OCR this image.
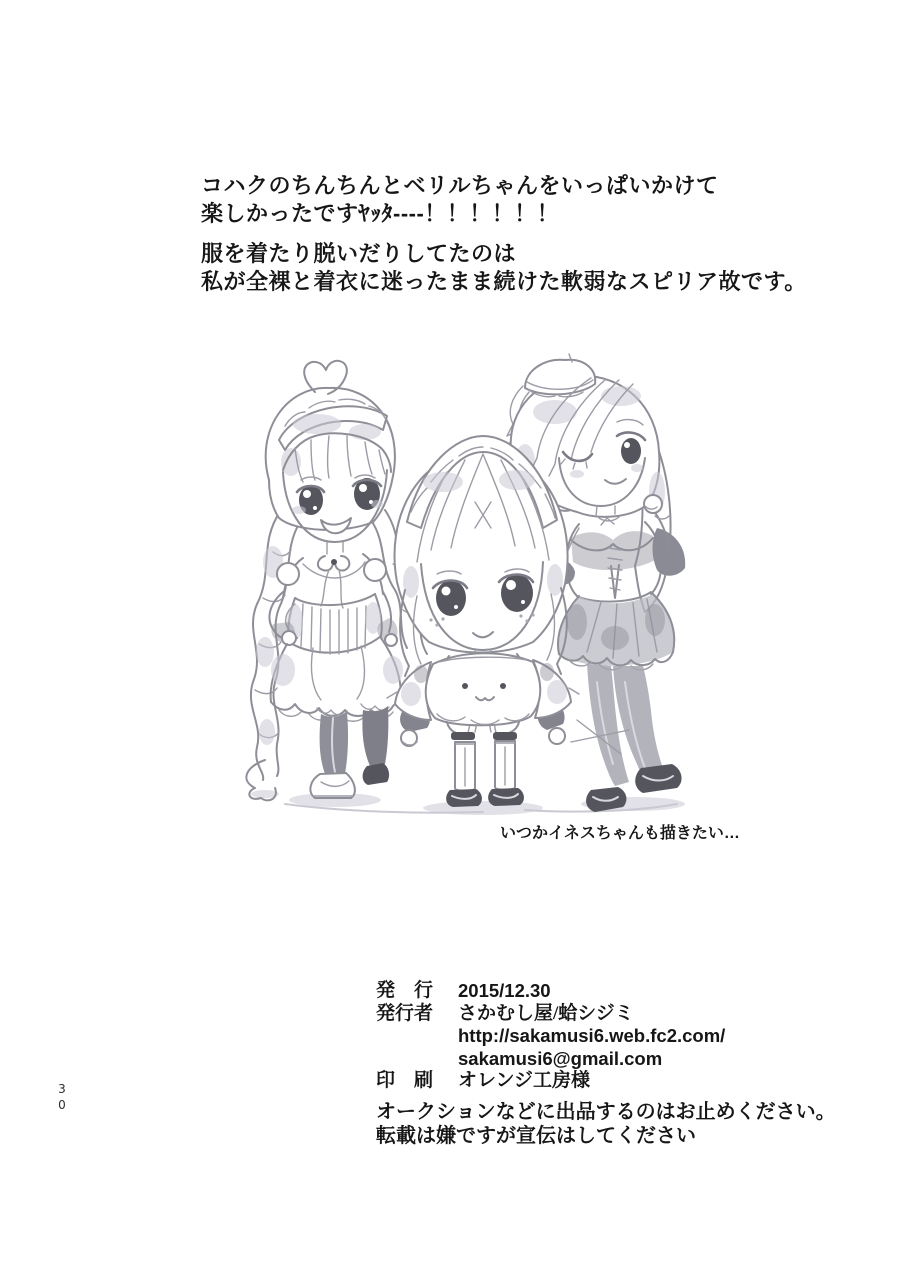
コハクのちんちんとベリルちゃんをいっぱいかけて
楽しかったですﾔｯﾀ----！！！！！！
服を着たり脱いだりしてたのは
私が全裸と着衣に迷ったまま続けた軟弱なスピリア故です。
いつかイネスちゃんも描きたい…
発　行	2015/12.30
発行者	さかむし屋/蛤シジミ
http://sakamusi6.web.fc2.com/
sakamusi6@gmail.com
印　刷	オレンジ工房様
オークションなどに出品するのはお止めください。
転載は嫌ですが宣伝はしてください
30
